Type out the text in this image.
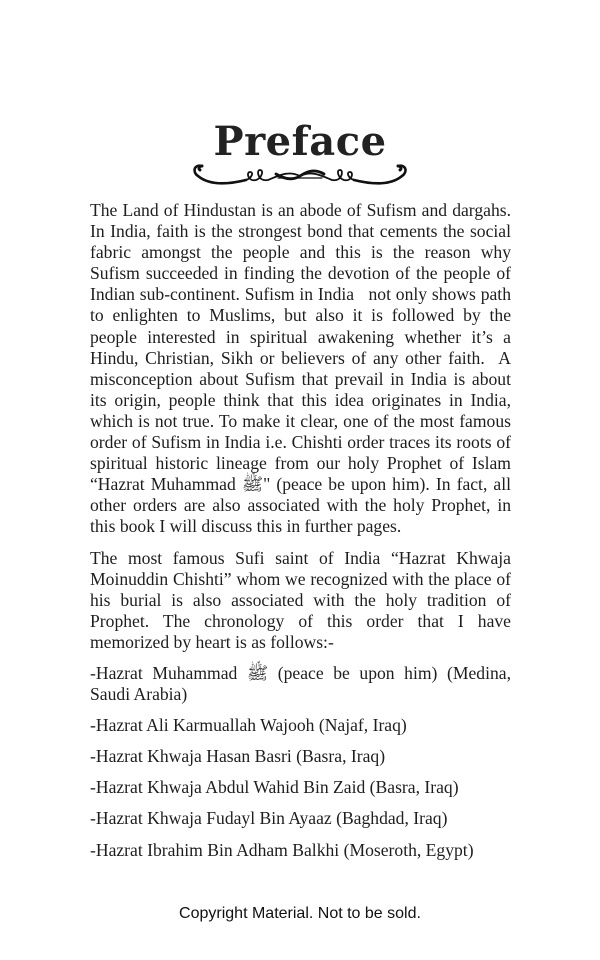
Preface

The Land of Hindustan is an abode of Sufism and dargahs. In India, faith is the strongest bond that cements the social fabric amongst the people and this is the reason why Sufism succeeded in finding the devotion of the people of Indian sub-continent. Sufism in India   not only shows path to enlighten to Muslims, but also it is followed by the people interested in spiritual awakening whether it’s a Hindu, Christian, Sikh or believers of any other faith.  A misconception about Sufism that prevail in India is about its origin, people think that this idea originates in India, which is not true. To make it clear, one of the most famous order of Sufism in India i.e. Chishti order traces its roots of spiritual historic lineage from our holy Prophet of Islam “Hazrat Muhammad ﷺ" (peace be upon him). In fact, all other orders are also associated with the holy Prophet, in this book I will discuss this in further pages.

The most famous Sufi saint of India “Hazrat Khwaja Moinuddin Chishti” whom we recognized with the place of his burial is also associated with the holy tradition of Prophet. The chronology of this order that I have memorized by heart is as follows:-

-Hazrat Muhammad ﷺ (peace be upon him) (Medina, Saudi Arabia)

-Hazrat Ali Karmuallah Wajooh (Najaf, Iraq)

-Hazrat Khwaja Hasan Basri (Basra, Iraq)

-Hazrat Khwaja Abdul Wahid Bin Zaid (Basra, Iraq)

-Hazrat Khwaja Fudayl Bin Ayaaz (Baghdad, Iraq)

-Hazrat Ibrahim Bin Adham Balkhi (Moseroth, Egypt)

Copyright Material. Not to be sold.
